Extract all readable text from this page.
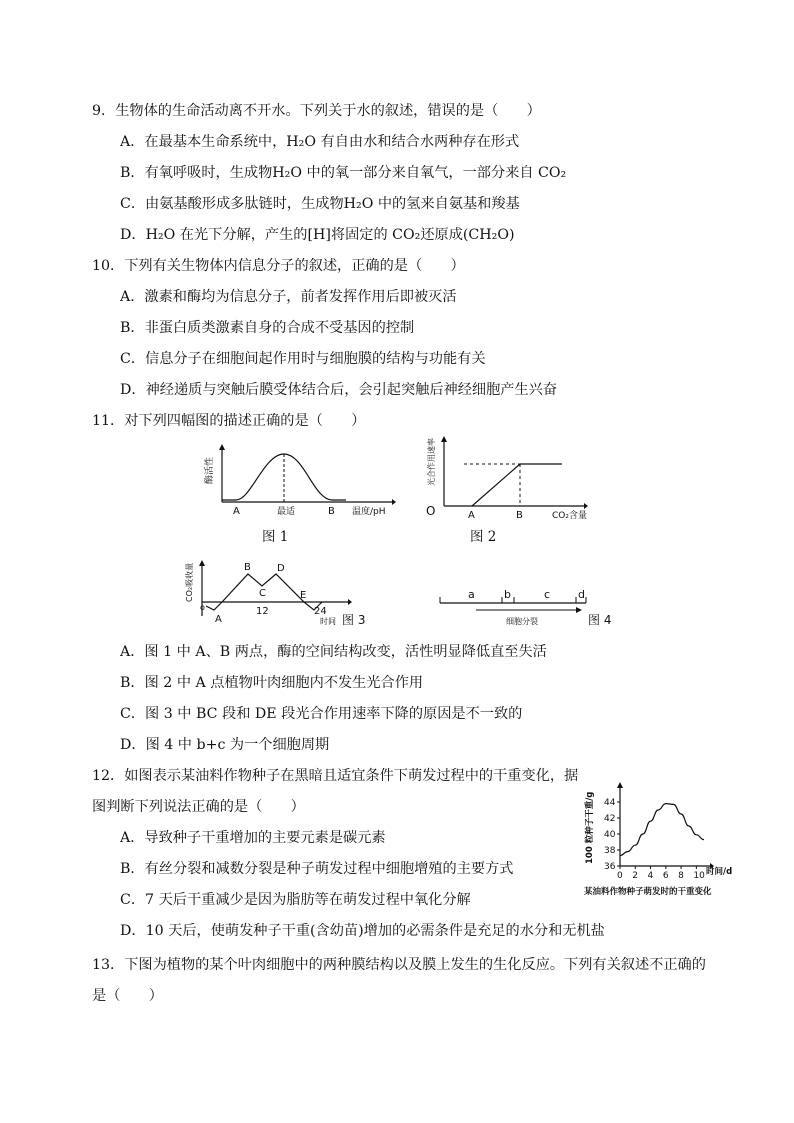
9．生物体的生命活动离不开水。下列关于水的叙述，错误的是（　　）
A．在最基本生命系统中，H₂O 有自由水和结合水两种存在形式
B．有氧呼吸时，生成物H₂O 中的氧一部分来自氧气，一部分来自 CO₂
C．由氨基酸形成多肽链时，生成物H₂O 中的氢来自氨基和羧基
D．H₂O 在光下分解，产生的[H]将固定的 CO₂还原成(CH₂O)
10．下列有关生物体内信息分子的叙述，正确的是（　　）
A．激素和酶均为信息分子，前者发挥作用后即被灭活
B．非蛋白质类激素自身的合成不受基因的控制
C．信息分子在细胞间起作用时与细胞膜的结构与功能有关
D．神经递质与突触后膜受体结合后，会引起突触后神经细胞产生兴奋
11．对下列四幅图的描述正确的是（　　）
酶活性
A	最适	B 温度/pH
图 1
光合作用速率
O	A	B	CO₂含量
图 2
CO₂吸收量
o
A
B
C
D
E
12	24
时间 图 3
a	b	c	d
细胞分裂	图 4
A．图 1 中 A、B 两点，酶的空间结构改变，活性明显降低直至失活
B．图 2 中 A 点植物叶肉细胞内不发生光合作用
C．图 3 中 BC 段和 DE 段光合作用速率下降的原因是不一致的
D．图 4 中 b+c 为一个细胞周期
12．如图表示某油料作物种子在黑暗且适宜条件下萌发过程中的干重变化，据
图判断下列说法正确的是（　　）
A．导致种子干重增加的主要元素是碳元素
B．有丝分裂和减数分裂是种子萌发过程中细胞增殖的主要方式
C．7 天后干重减少是因为脂肪等在萌发过程中氧化分解
D．10 天后，使萌发种子干重(含幼苗)增加的必需条件是充足的水分和无机盐
36
38
40
42
44
0 2 4 6 8 10
100 粒种子干重/g
时间/d
某油料作物种子萌发时的干重变化
13．下图为植物的某个叶肉细胞中的两种膜结构以及膜上发生的生化反应。下列有关叙述不正确的
是（　　）
